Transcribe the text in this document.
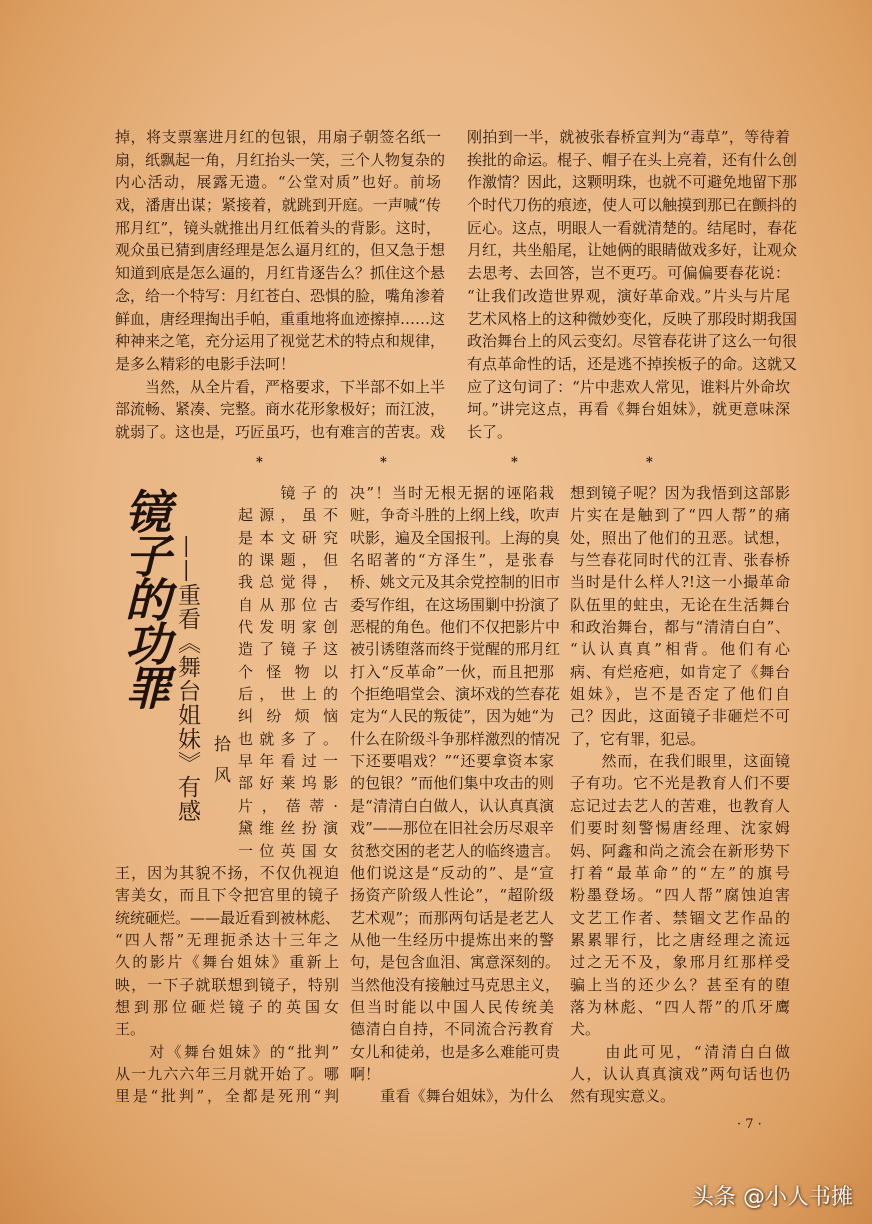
掉，将支票塞进月红的包银，用扇子朝签名纸一
扇，纸飘起一角，月红抬头一笑，三个人物复杂的
内心活动，展露无遗。“公堂对质”也好。前场
戏，潘唐出谋；紧接着，就跳到开庭。一声喊“传
邢月红”，镜头就推出月红低着头的背影。这时，
观众虽已猜到唐经理是怎么逼月红的，但又急于想
知道到底是怎么逼的，月红肯逐告么？抓住这个悬
念，给一个特写：月红苍白、恐惧的脸，嘴角渗着
鲜血，唐经理掏出手帕，重重地将血迹擦掉……这
种神来之笔，充分运用了视觉艺术的特点和规律，
是多么精彩的电影手法呵！
　　当然，从全片看，严格要求，下半部不如上半
部流畅、紧凑、完整。商水花形象极好；而江波，
就弱了。这也是，巧匠虽巧，也有难言的苦衷。戏
刚拍到一半，就被张春桥宣判为“毒草”，等待着
挨批的命运。棍子、帽子在头上亮着，还有什么创
作激情？因此，这颗明珠，也就不可避免地留下那
个时代刀伤的痕迹，使人可以触摸到那已在颤抖的
匠心。这点，明眼人一看就清楚的。结尾时，春花
月红，共坐船尾，让她俩的眼睛做戏多好，让观众
去思考、去回答，岂不更巧。可偏偏要春花说：
“让我们改造世界观，演好革命戏。”片头与片尾
艺术风格上的这种微妙变化，反映了那段时期我国
政治舞台上的风云变幻。尽管春花讲了这么一句很
有点革命性的话，还是逃不掉挨板子的命。这就又
应了这句词了：“片中悲欢人常见，谁料片外命坎
坷。”讲完这点，再看《舞台姐妹》，就更意味深
长了。
*	*	*	*
镜子的功罪 ——重看《舞台姐妹》有感 拾风
　　镜子的
起源，虽不
是本文研究
的课题，但
我总觉得，
自从那位古
代发明家创
造了镜子这
个怪物以
后，世上的
纠纷烦恼
也就多了。
早年看过一
部好莱坞影
片，蓓蒂·
黛维丝扮演
一位英国女
王，因为其貌不扬，不仅仇视迫
害美女，而且下令把宫里的镜子
统统砸烂。——最近看到被林彪、
“四人帮”无理扼杀达十三年之
久的影片《舞台姐妹》重新上
映，一下子就联想到镜子，特别
想到那位砸烂镜子的英国女
王。
　　对《舞台姐妹》的“批判”
从一九六六年三月就开始了。哪
里是“批判”，全都是死刑“判
决”！当时无根无据的诬陷栽
赃，争奇斗胜的上纲上线，吹声
吠影，遍及全国报刊。上海的臭
名昭著的“方泽生”，是张春
桥、姚文元及其余党控制的旧市
委写作组，在这场围剿中扮演了
恶棍的角色。他们不仅把影片中
被引诱堕落而终于觉醒的邢月红
打入“反革命”一伙，而且把那
个拒绝唱堂会、演坏戏的竺春花
定为“人民的叛徒”，因为她“为
什么在阶级斗争那样激烈的情况
下还要唱戏？”“还要拿资本家
的包银？”而他们集中攻击的则
是“清清白白做人，认认真真演
戏”——那位在旧社会历尽艰辛
贫愁交困的老艺人的临终遗言。
他们说这是“反动的”、是“宣
扬资产阶级人性论”，“超阶级
艺术观”；而那两句话是老艺人
从他一生经历中提炼出来的警
句，是包含血泪、寓意深刻的。
当然他没有接触过马克思主义，
但当时能以中国人民传统美
德清白自持，不同流合污教育
女儿和徒弟，也是多么难能可贵
啊！
　　重看《舞台姐妹》，为什么
想到镜子呢？因为我悟到这部影
片实在是触到了“四人帮”的痛
处，照出了他们的丑恶。试想，
与竺春花同时代的江青、张春桥
当时是什么样人?!这一小撮革命
队伍里的蛀虫，无论在生活舞台
和政治舞台，都与“清清白白”、
“认认真真”相背。他们有心
病、有烂疮疤，如肯定了《舞台
姐妹》，岂不是否定了他们自
己？因此，这面镜子非砸烂不可
了，它有罪，犯忌。
　　然而，在我们眼里，这面镜
子有功。它不光是教育人们不要
忘记过去艺人的苦难，也教育人
们要时刻警惕唐经理、沈家姆
妈、阿鑫和尚之流会在新形势下
打着“最革命”的“左”的旗号
粉墨登场。“四人帮”腐蚀迫害
文艺工作者、禁锢文艺作品的
累累罪行，比之唐经理之流远
过之无不及，象邢月红那样受
骗上当的还少么？甚至有的堕
落为林彪、“四人帮”的爪牙鹰
犬。
　　由此可见，“清清白白做
人，认认真真演戏”两句话也仍
然有现实意义。
· 7 ·
头条 @小人书摊
